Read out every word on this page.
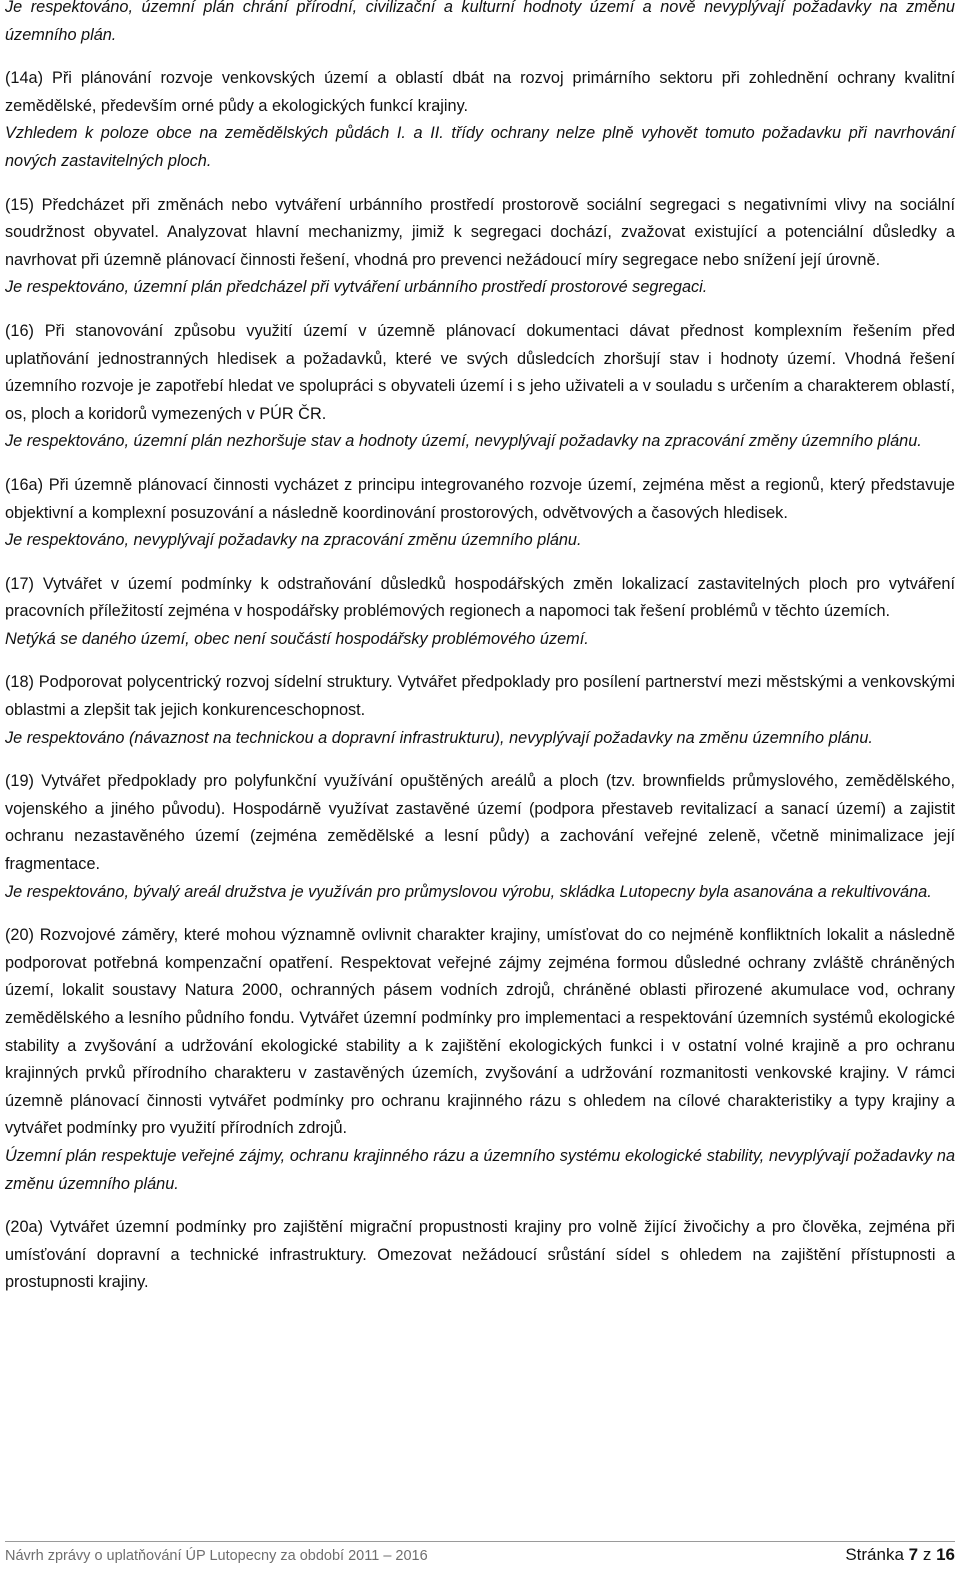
Je respektováno, územní plán chrání přírodní, civilizační a kulturní hodnoty území a nově nevyplývají požadavky na změnu územního plán.

(14a) Při plánování rozvoje venkovských území a oblastí dbát na rozvoj primárního sektoru při zohlednění ochrany kvalitní zemědělské, především orné půdy a ekologických funkcí krajiny.

Vzhledem k poloze obce na zemědělských půdách I. a II. třídy ochrany nelze plně vyhovět tomuto požadavku při navrhování nových zastavitelných ploch.

(15) Předcházet při změnách nebo vytváření urbánního prostředí prostorově sociální segregaci s negativními vlivy na sociální soudržnost obyvatel. Analyzovat hlavní mechanizmy, jimiž k segregaci dochází, zvažovat existující a potenciální důsledky a navrhovat při územně plánovací činnosti řešení, vhodná pro prevenci nežádoucí míry segregace nebo snížení její úrovně.

Je respektováno, územní plán předcházel při vytváření urbánního prostředí prostorové segregaci.

(16) Při stanovování způsobu využití území v územně plánovací dokumentaci dávat přednost komplexním řešením před uplatňování jednostranných hledisek a požadavků, které ve svých důsledcích zhoršují stav i hodnoty území. Vhodná řešení územního rozvoje je zapotřebí hledat ve spolupráci s obyvateli území i s jeho uživateli a v souladu s určením a charakterem oblastí, os, ploch a koridorů vymezených v PÚR ČR.

Je respektováno, územní plán nezhoršuje stav a hodnoty území, nevyplývají požadavky na zpracování změny územního plánu.

(16a) Při územně plánovací činnosti vycházet z principu integrovaného rozvoje území, zejména měst a regionů, který představuje objektivní a komplexní posuzování a následně koordinování prostorových, odvětvových a časových hledisek.

Je respektováno, nevyplývají požadavky na zpracování změnu územního plánu.

(17) Vytvářet v území podmínky k odstraňování důsledků hospodářských změn lokalizací zastavitelných ploch pro vytváření pracovních příležitostí zejména v hospodářsky problémových regionech a napomoci tak řešení problémů v těchto územích.

Netýká se daného území, obec není součástí hospodářsky problémového území.

(18) Podporovat polycentrický rozvoj sídelní struktury. Vytvářet předpoklady pro posílení partnerství mezi městskými a venkovskými oblastmi a zlepšit tak jejich konkurenceschopnost.

Je respektováno (návaznost na technickou a dopravní infrastrukturu), nevyplývají požadavky na změnu územního plánu.

(19) Vytvářet předpoklady pro polyfunkční využívání opuštěných areálů a ploch (tzv. brownfields průmyslového, zemědělského, vojenského a jiného původu). Hospodárně využívat zastavěné území (podpora přestaveb revitalizací a sanací území) a zajistit ochranu nezastavěného území (zejména zemědělské a lesní půdy) a zachování veřejné zeleně, včetně minimalizace její fragmentace.

Je respektováno, bývalý areál družstva je využíván pro průmyslovou výrobu, skládka Lutopecny byla asanována a rekultivována.

(20) Rozvojové záměry, které mohou významně ovlivnit charakter krajiny, umísťovat do co nejméně konfliktních lokalit a následně podporovat potřebná kompenzační opatření. Respektovat veřejné zájmy zejména formou důsledné ochrany zvláště chráněných území, lokalit soustavy Natura 2000, ochranných pásem vodních zdrojů, chráněné oblasti přirozené akumulace vod, ochrany zemědělského a lesního půdního fondu. Vytvářet územní podmínky pro implementaci a respektování územních systémů ekologické stability a zvyšování a udržování ekologické stability a k zajištění ekologických funkci i v ostatní volné krajině a pro ochranu krajinných prvků přírodního charakteru v zastavěných územích, zvyšování a udržování rozmanitosti venkovské krajiny. V rámci územně plánovací činnosti vytvářet podmínky pro ochranu krajinného rázu s ohledem na cílové charakteristiky a typy krajiny a vytvářet podmínky pro využití přírodních zdrojů.

Územní plán respektuje veřejné zájmy, ochranu krajinného rázu a územního systému ekologické stability, nevyplývají požadavky na změnu územního plánu.

(20a) Vytvářet územní podmínky pro zajištění migrační propustnosti krajiny pro volně žijící živočichy a pro člověka, zejména při umísťování dopravní a technické infrastruktury. Omezovat nežádoucí srůstání sídel s ohledem na zajištění přístupnosti a prostupnosti krajiny.

Návrh zprávy o uplatňování ÚP Lutopecny za období 2011 – 2016	Stránka 7 z 16
